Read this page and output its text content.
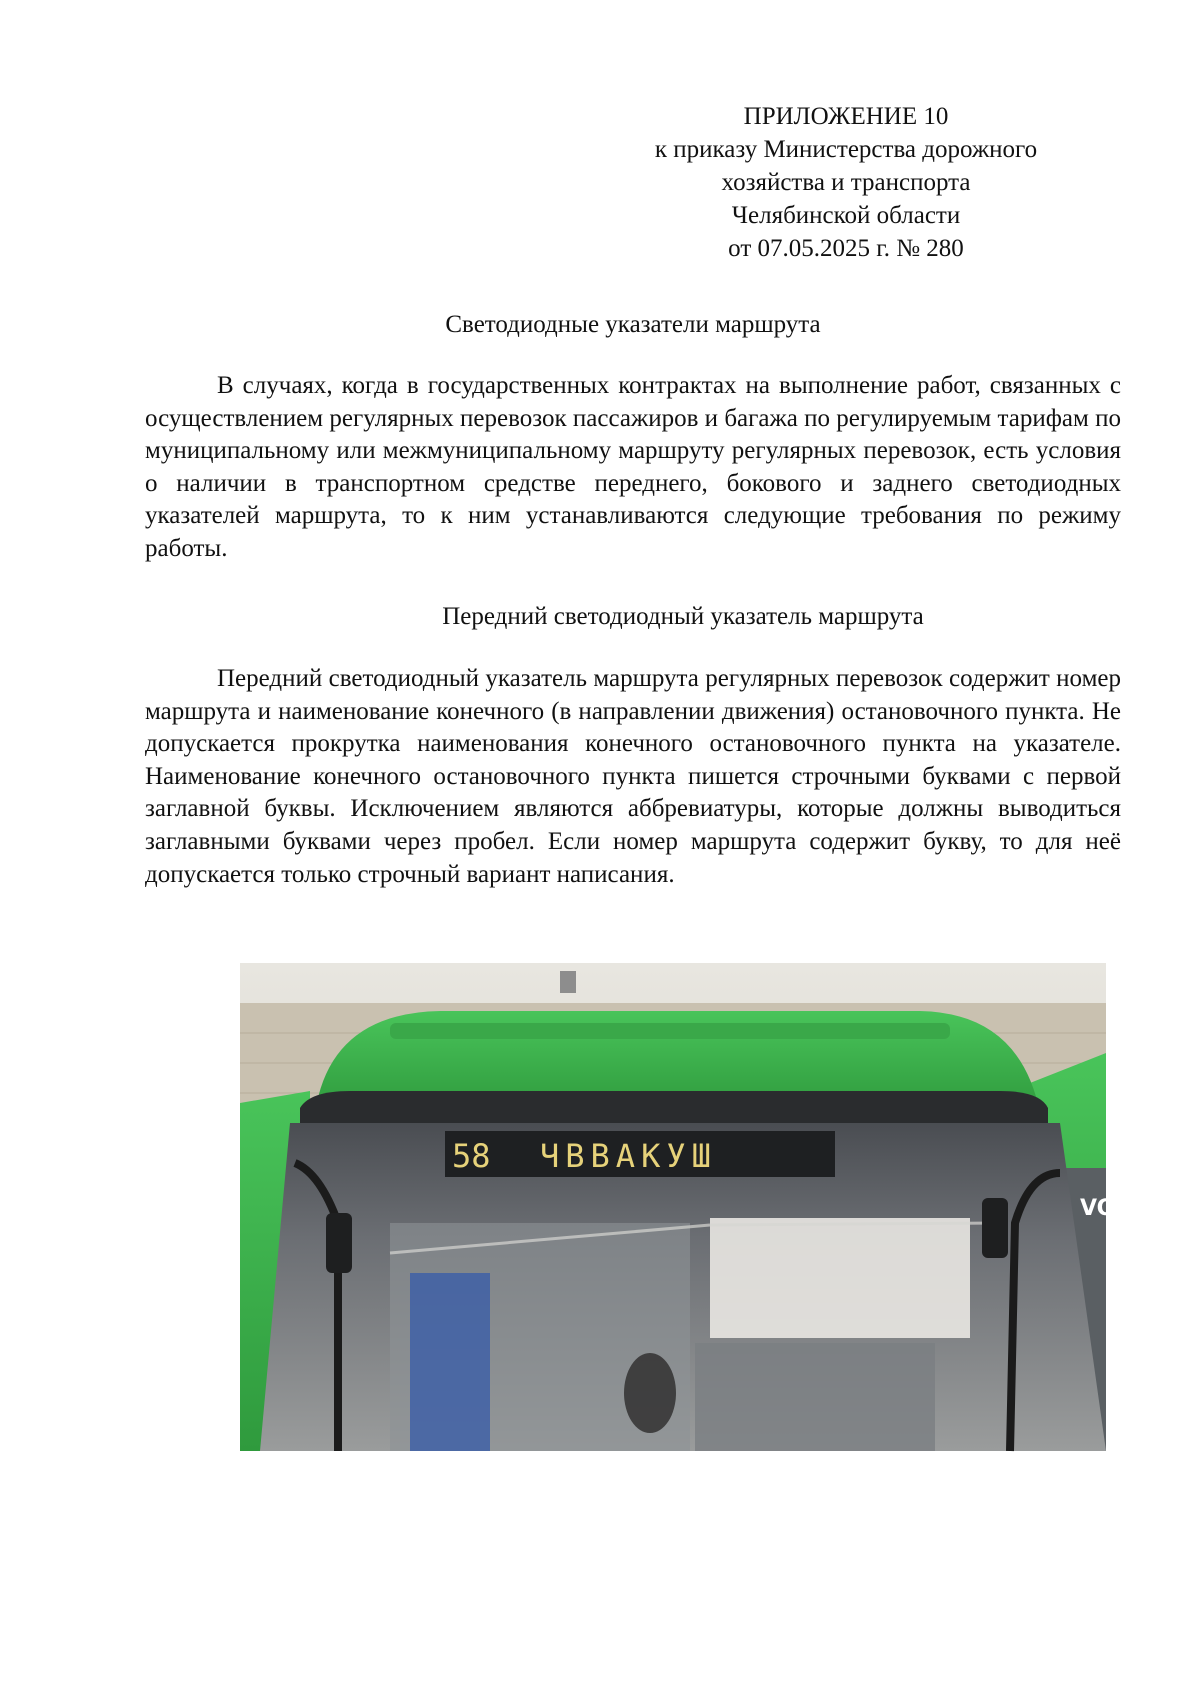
ПРИЛОЖЕНИЕ 10
к приказу Министерства дорожного
хозяйства и транспорта
Челябинской области
от 07.05.2025 г. № 280
Светодиодные указатели маршрута

В случаях, когда в государственных контрактах на выполнение работ, связанных с осуществлением регулярных перевозок пассажиров и багажа по регулируемым тарифам по муниципальному или межмуниципальному маршруту регулярных перевозок, есть условия о наличии в транспортном средстве переднего, бокового и заднего светодиодных указателей маршрута, то к ним устанавливаются следующие требования по режиму работы.

Передний светодиодный указатель маршрута

Передний светодиодный указатель маршрута регулярных перевозок содержит номер маршрута и наименование конечного (в направлении движения) остановочного пункта. Не допускается прокрутка наименования конечного остановочного пункта на указателе. Наименование конечного остановочного пункта пишется строчными буквами с первой заглавной буквы. Исключением являются аббревиатуры, которые должны выводиться заглавными буквами через пробел. Если номер маршрута содержит букву, то для неё допускается только строчный вариант написания.

VO
58 ЧВВАКУШ
